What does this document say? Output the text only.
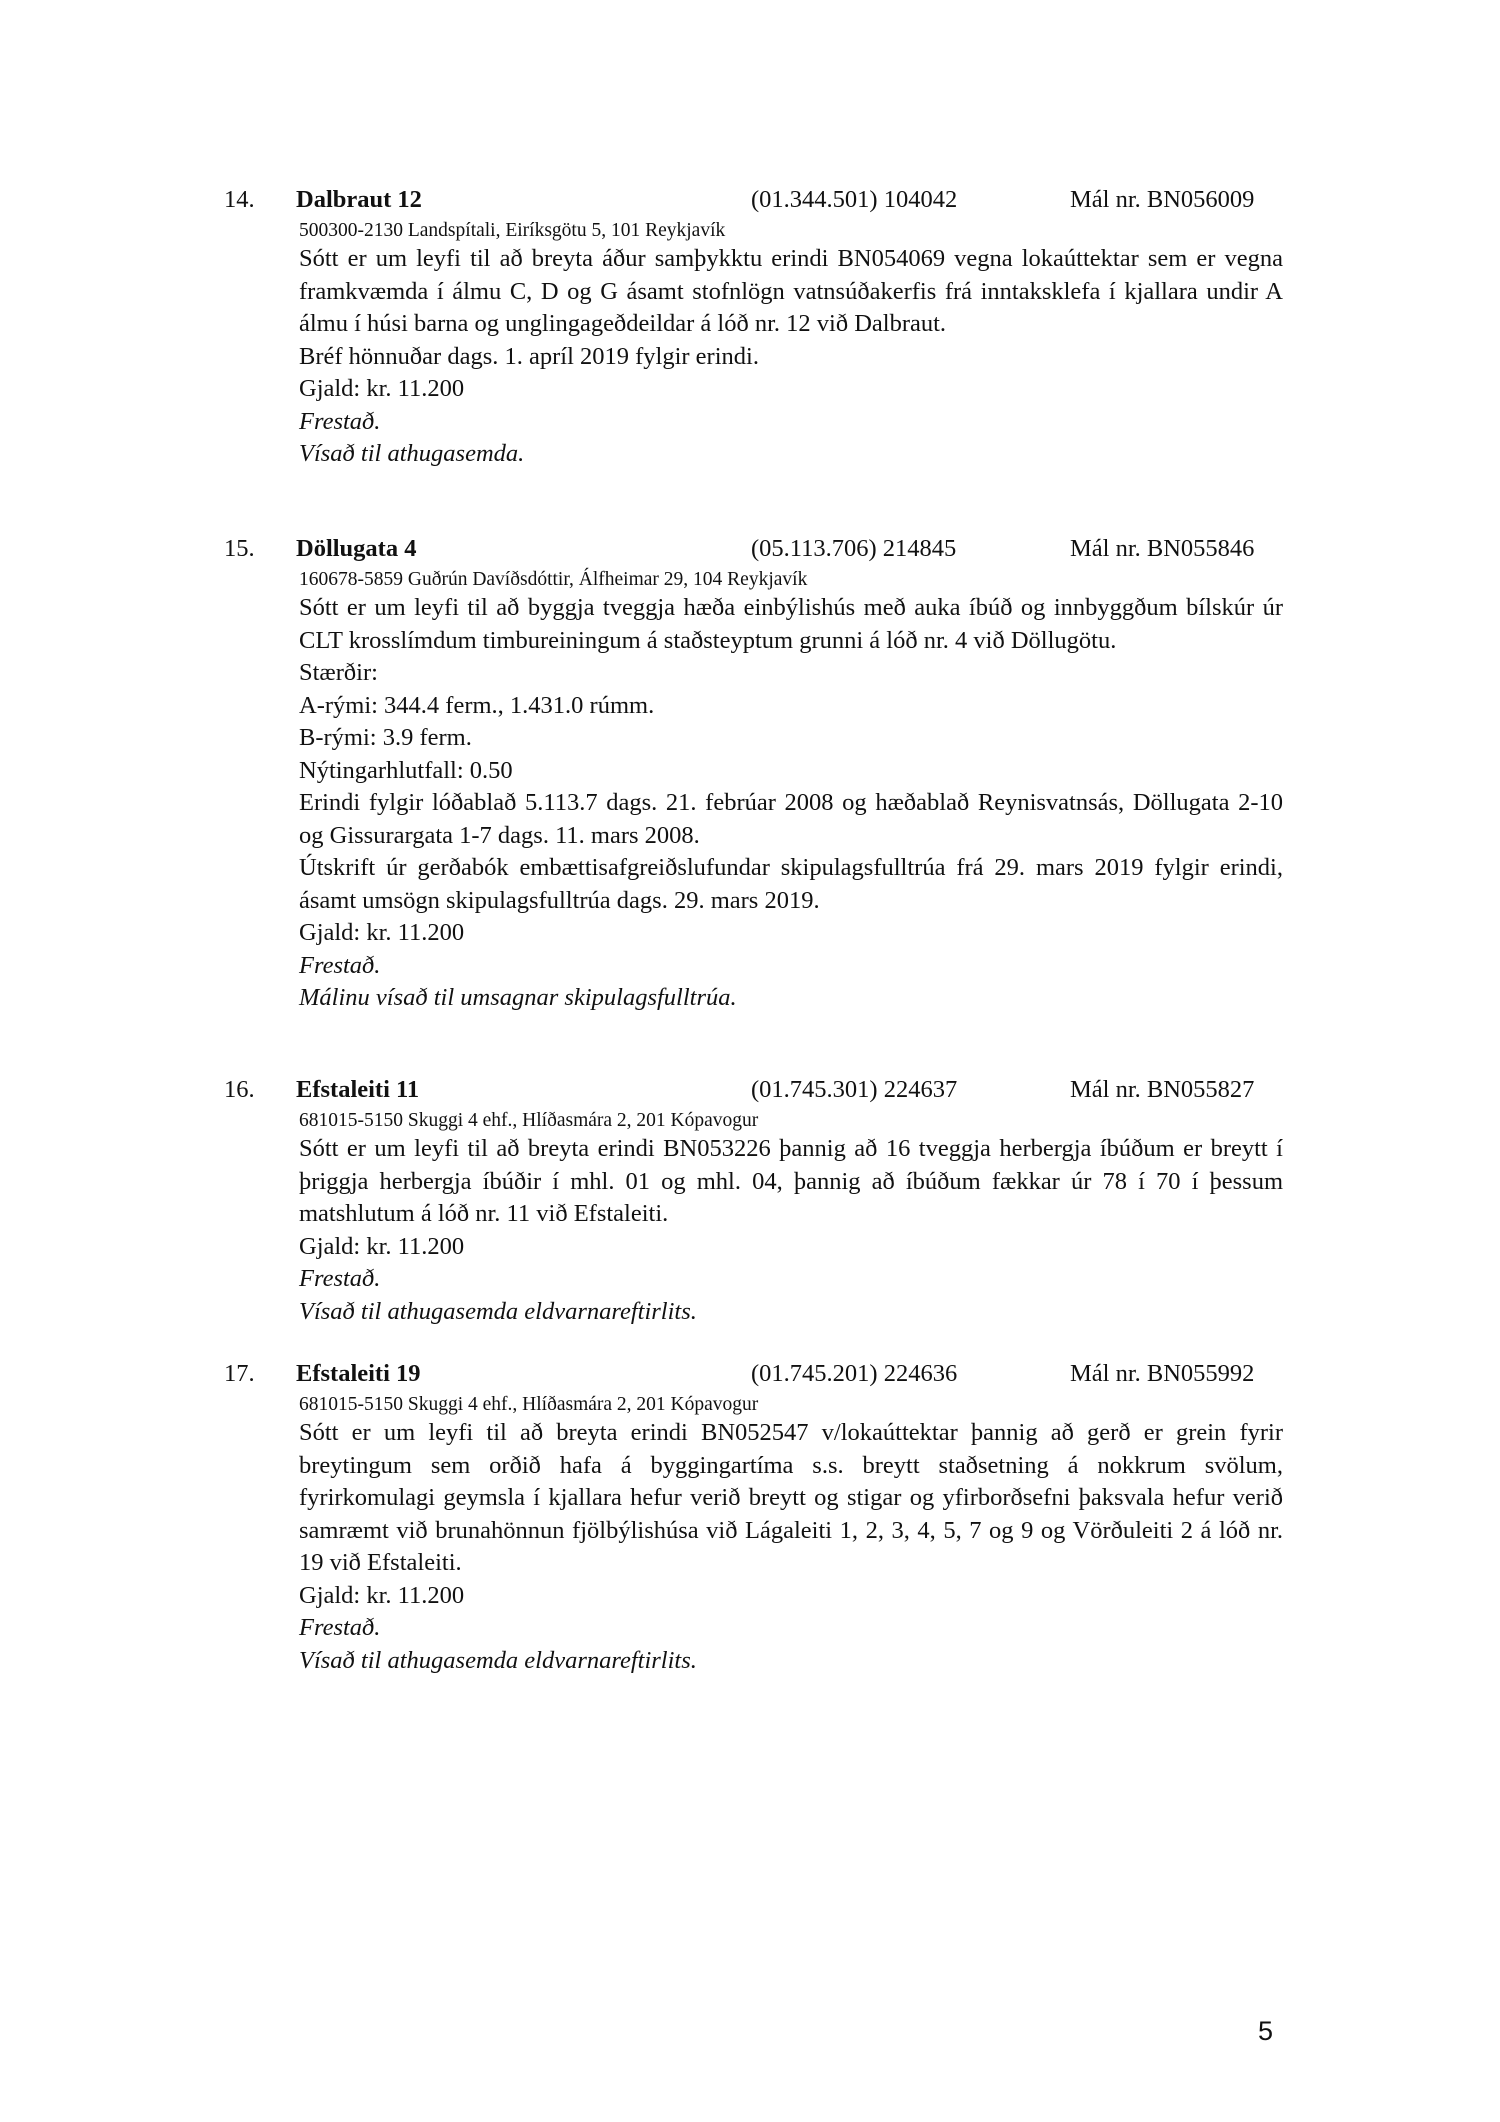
14. Dalbraut 12	(01.344.501) 104042	Mál nr. BN056009
500300-2130 Landspítali, Eiríksgötu 5, 101 Reykjavík

Sótt er um leyfi til að breyta áður samþykktu erindi BN054069 vegna lokaúttektar sem er vegna framkvæmda í álmu C, D og G ásamt stofnlögn vatnsúðakerfis frá inntaksklefa í kjallara undir A álmu í húsi barna og unglingageðdeildar á lóð nr. 12 við Dalbraut.

Bréf hönnuðar dags. 1. apríl 2019 fylgir erindi.

Gjald: kr. 11.200

Frestað.

Vísað til athugasemda.

15. Döllugata 4	(05.113.706) 214845	Mál nr. BN055846
160678-5859 Guðrún Davíðsdóttir, Álfheimar 29, 104 Reykjavík

Sótt er um leyfi til að byggja tveggja hæða einbýlishús með auka íbúð og innbyggðum bílskúr úr CLT krosslímdum timbureiningum á staðsteyptum grunni á lóð nr. 4 við Döllugötu.

Stærðir:

A-rými: 344.4 ferm., 1.431.0 rúmm.

B-rými: 3.9 ferm.

Nýtingarhlutfall: 0.50

Erindi fylgir lóðablað 5.113.7 dags. 21. febrúar 2008 og hæðablað Reynisvatnsás, Döllugata 2-10 og Gissurargata 1-7 dags. 11. mars 2008.

Útskrift úr gerðabók embættisafgreiðslufundar skipulagsfulltrúa frá 29. mars 2019 fylgir erindi, ásamt umsögn skipulagsfulltrúa dags. 29. mars 2019.

Gjald: kr. 11.200

Frestað.

Málinu vísað til umsagnar skipulagsfulltrúa.

16. Efstaleiti 11	(01.745.301) 224637	Mál nr. BN055827
681015-5150 Skuggi 4 ehf., Hlíðasmára 2, 201 Kópavogur

Sótt er um leyfi til að breyta erindi BN053226 þannig að 16 tveggja herbergja íbúðum er breytt í þriggja herbergja íbúðir í mhl. 01 og mhl. 04, þannig að íbúðum fækkar úr 78 í 70 í þessum matshlutum á lóð nr. 11 við Efstaleiti.

Gjald: kr. 11.200

Frestað.

Vísað til athugasemda eldvarnareftirlits.

17. Efstaleiti 19	(01.745.201) 224636	Mál nr. BN055992
681015-5150 Skuggi 4 ehf., Hlíðasmára 2, 201 Kópavogur

Sótt er um leyfi til að breyta erindi BN052547 v/lokaúttektar þannig að gerð er grein fyrir breytingum sem orðið hafa á byggingartíma s.s. breytt staðsetning á nokkrum svölum, fyrirkomulagi geymsla í kjallara hefur verið breytt og stigar og yfirborðsefni þaksvala hefur verið samræmt við brunahönnun fjölbýlishúsa við Lágaleiti 1, 2, 3, 4, 5, 7 og 9 og Vörðuleiti 2 á lóð nr. 19 við Efstaleiti.

Gjald: kr. 11.200

Frestað.

Vísað til athugasemda eldvarnareftirlits.

5
